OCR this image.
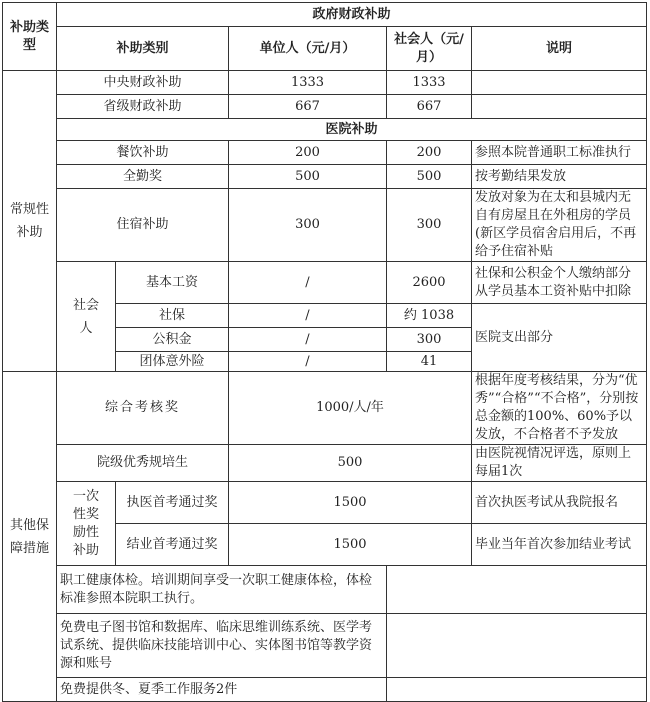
补助类型	政府财政补助				
	补助类别		单位人（元/月）	社会人（元/月）	说明
常规性补助	中央财政补助		1333	1333	
	省级财政补助		667	667	
	医院补助				
	餐饮补助		200	200	参照本院普通职工标准执行
	全勤奖		500	500	按考勤结果发放
	住宿补助		300	300	发放对象为在太和县城内无自有房屋且在外租房的学员(新区学员宿舍启用后，不再给予住宿补贴
	社会人	基本工资	/	2600	社保和公积金个人缴纳部分从学员基本工资补贴中扣除
		社保	/	约 1038	医院支出部分
		公积金	/	300	
		团体意外险	/	41	
其他保障措施	综合考核奖		1000/人/年		根据年度考核结果，分为“优秀”“合格”“不合格”，分别按总金额的100%、60%予以发放，不合格者不予发放
	院级优秀规培生		500		由医院视情况评选，原则上每届1次
	一次性奖励性补助	执医首考通过奖	1500		首次执医考试从我院报名
		结业首考通过奖	1500		毕业当年首次参加结业考试
	职工健康体检。培训期间享受一次职工健康体检，体检标准参照本院职工执行。				
	免费电子图书馆和数据库、临床思维训练系统、医学考试系统、提供临床技能培训中心、实体图书馆等教学资源和账号				
	免费提供冬、夏季工作服务2件				
